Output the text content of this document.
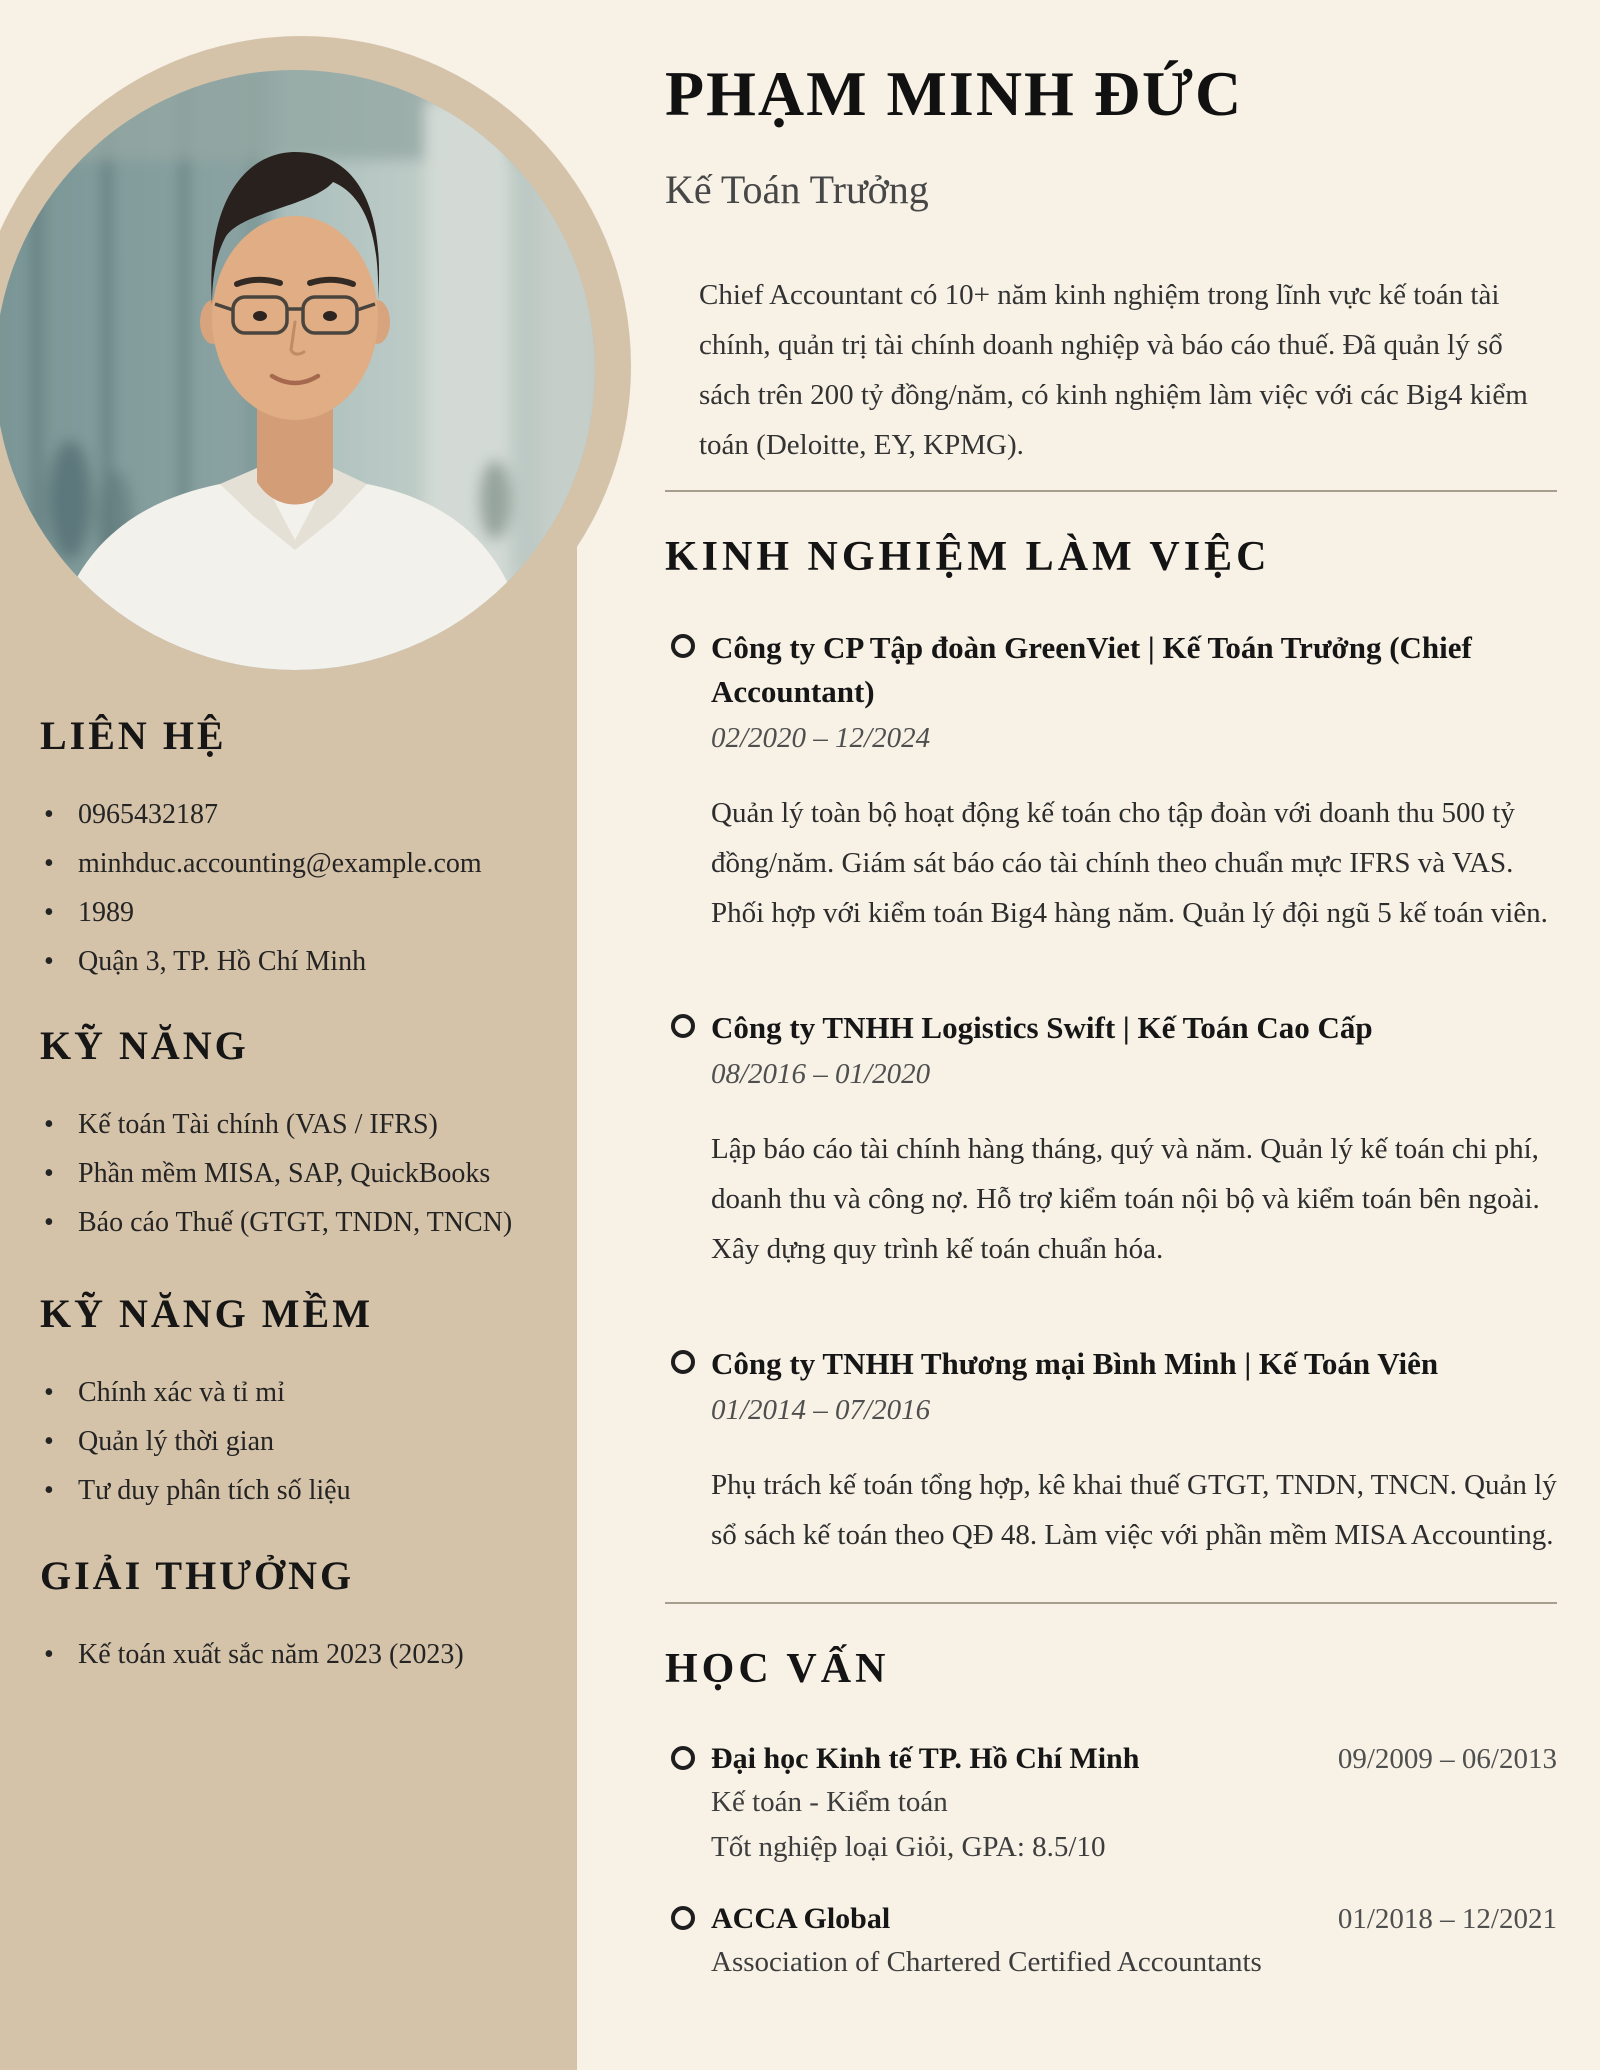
LIÊN HỆ
• 0965432187
• minhduc.accounting@example.com
• 1989
• Quận 3, TP. Hồ Chí Minh
KỸ NĂNG
• Kế toán Tài chính (VAS / IFRS)
• Phần mềm MISA, SAP, QuickBooks
• Báo cáo Thuế (GTGT, TNDN, TNCN)
KỸ NĂNG MỀM
• Chính xác và tỉ mỉ
• Quản lý thời gian
• Tư duy phân tích số liệu
GIẢI THƯỞNG
• Kế toán xuất sắc năm 2023 (2023)
PHẠM MINH ĐỨC
Kế Toán Trưởng
Chief Accountant có 10+ năm kinh nghiệm trong lĩnh vực kế toán tài chính, quản trị tài chính doanh nghiệp và báo cáo thuế. Đã quản lý sổ sách trên 200 tỷ đồng/năm, có kinh nghiệm làm việc với các Big4 kiểm toán (Deloitte, EY, KPMG).
KINH NGHIỆM LÀM VIỆC
Công ty CP Tập đoàn GreenViet | Kế Toán Trưởng (Chief Accountant)
02/2020 – 12/2024
Quản lý toàn bộ hoạt động kế toán cho tập đoàn với doanh thu 500 tỷ đồng/năm. Giám sát báo cáo tài chính theo chuẩn mực IFRS và VAS. Phối hợp với kiểm toán Big4 hàng năm. Quản lý đội ngũ 5 kế toán viên.
Công ty TNHH Logistics Swift | Kế Toán Cao Cấp
08/2016 – 01/2020
Lập báo cáo tài chính hàng tháng, quý và năm. Quản lý kế toán chi phí, doanh thu và công nợ. Hỗ trợ kiểm toán nội bộ và kiểm toán bên ngoài. Xây dựng quy trình kế toán chuẩn hóa.
Công ty TNHH Thương mại Bình Minh | Kế Toán Viên
01/2014 – 07/2016
Phụ trách kế toán tổng hợp, kê khai thuế GTGT, TNDN, TNCN. Quản lý sổ sách kế toán theo QĐ 48. Làm việc với phần mềm MISA Accounting.
HỌC VẤN
Đại học Kinh tế TP. Hồ Chí Minh	09/2009 – 06/2013
Kế toán - Kiểm toán
Tốt nghiệp loại Giỏi, GPA: 8.5/10
ACCA Global	01/2018 – 12/2021
Association of Chartered Certified Accountants
